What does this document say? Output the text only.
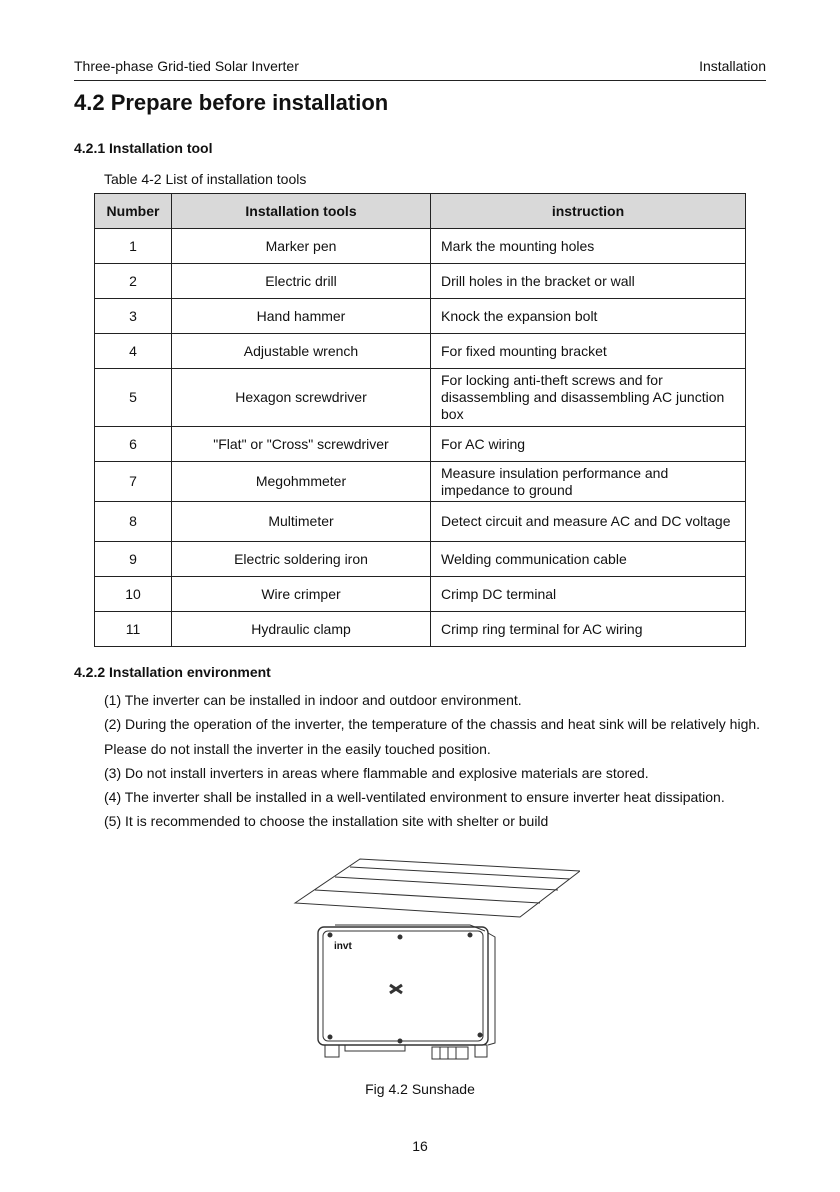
Three-phase Grid-tied Solar Inverter	Installation
4.2 Prepare before installation
4.2.1 Installation tool
Table 4-2 List of installation tools
Number	Installation tools	instruction
1	Marker pen	Mark the mounting holes
2	Electric drill	Drill holes in the bracket or wall
3	Hand hammer	Knock the expansion bolt
4	Adjustable wrench	For fixed mounting bracket
5	Hexagon screwdriver	For locking anti-theft screws and for disassembling and disassembling AC junction box
6	"Flat" or "Cross" screwdriver	For AC wiring
7	Megohmmeter	Measure insulation performance and impedance to ground
8	Multimeter	Detect circuit and measure AC and DC voltage
9	Electric soldering iron	Welding communication cable
10	Wire crimper	Crimp DC terminal
11	Hydraulic clamp	Crimp ring terminal for AC wiring
4.2.2 Installation environment
(1) The inverter can be installed in indoor and outdoor environment.
(2) During the operation of the inverter, the temperature of the chassis and heat sink will be relatively high. Please do not install the inverter in the easily touched position.
(3) Do not install inverters in areas where flammable and explosive materials are stored.
(4) The inverter shall be installed in a well-ventilated environment to ensure inverter heat dissipation.
(5) It is recommended to choose the installation site with shelter or build
invt
Fig 4.2 Sunshade
16
